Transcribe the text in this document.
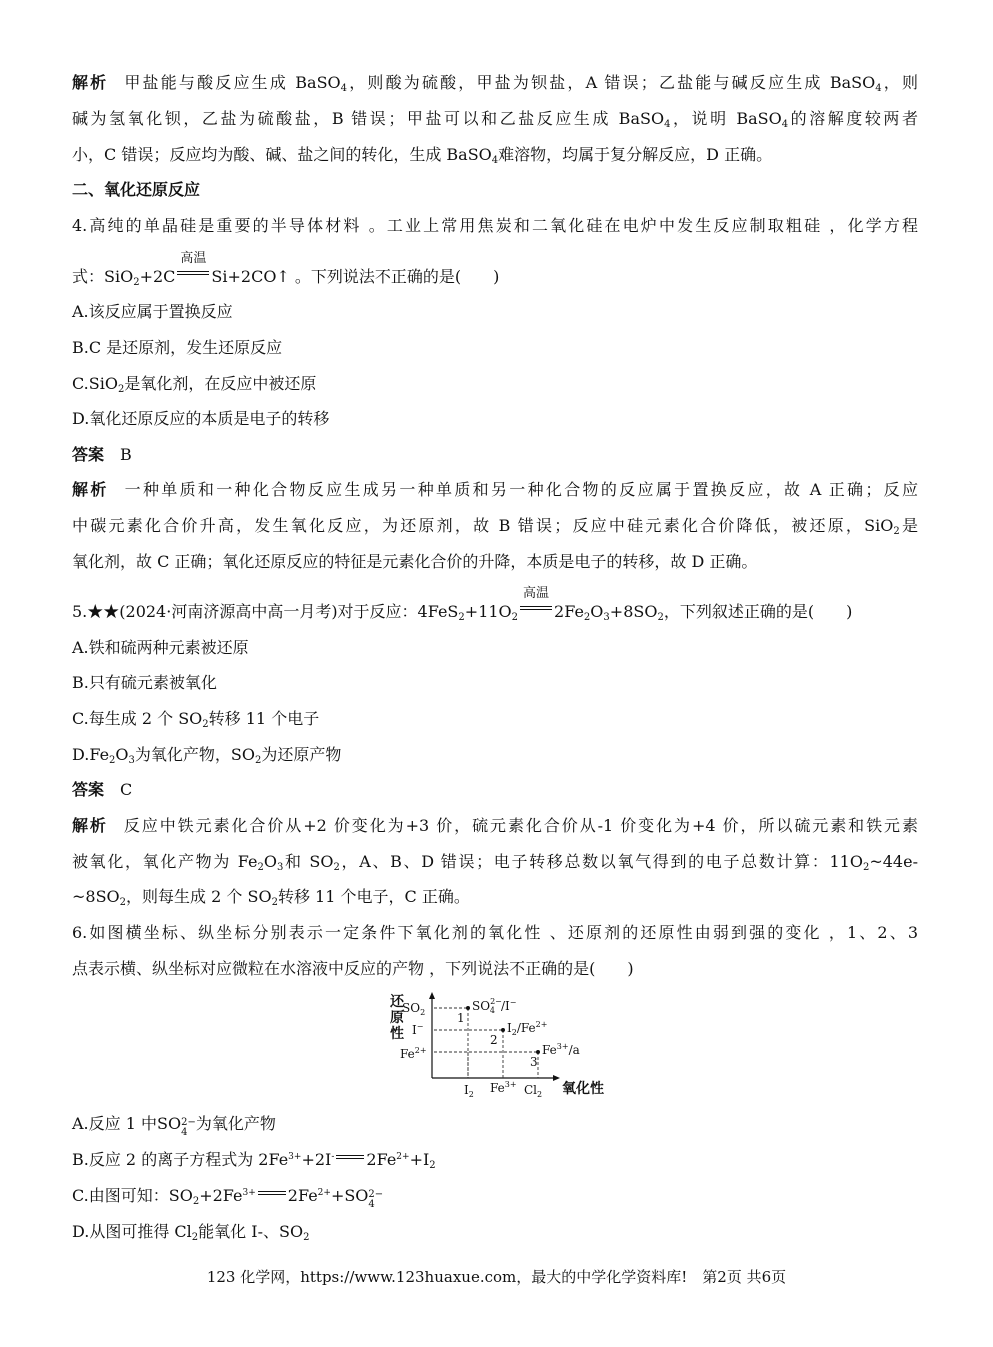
解析 甲盐能与酸反应生成 BaSO$_4$，则酸为硫酸，甲盐为钡盐，A 错误；乙盐能与碱反应生成 BaSO$_4$，则
碱为氢氧化钡，乙盐为硫酸盐，B 错误；甲盐可以和乙盐反应生成 BaSO$_4$，说明 BaSO$_4$的溶解度较两者
小，C 错误；反应均为酸、碱、盐之间的转化，生成 BaSO$_4$难溶物，均属于复分解反应，D 正确。
二、氧化还原反应
4.高纯的单晶硅是重要的半导体材料 。工业上常用焦炭和二氧化硅在电炉中发生反应制取粗硅 ，化学方程
式：SiO$_2$+2C
高温
Si+2CO↑ 。下列说法不正确的是(　　)
A.该反应属于置换反应
B.C 是还原剂，发生还原反应
C.SiO$_2$是氧化剂，在反应中被还原
D.氧化还原反应的本质是电子的转移
答案 B
解析 一种单质和一种化合物反应生成另一种单质和另一种化合物的反应属于置换反应，故 A 正确；反应
中碳元素化合价升高，发生氧化反应，为还原剂，故 B 错误；反应中硅元素化合价降低，被还原，SiO$_2$是
氧化剂，故 C 正确；氧化还原反应的特征是元素化合价的升降，本质是电子的转移，故 D 正确。
5.★★(2024·河南济源高中高一月考)对于反应：$4FeS_2+11O_2$
高温
$2Fe_2O_3+8SO_2$，下列叙述正确的是(　　)
A.铁和硫两种元素被还原
B.只有硫元素被氧化
C.每生成 2 个 $SO_2$转移 11 个电子
$D.Fe_2O_3$为氧化产物，$SO_2$为还原产物
答案 C
解析 反应中铁元素化合价从+2 价变化为+3 价，硫元素化合价从-1 价变化为+4 价，所以硫元素和铁元素
被氧化，氧化产物为 $Fe_2O_3$和 $SO_2$，A、B、D 错误；电子转移总数以氧气得到的电子总数计算：$11O_2\sim 44e-$
$\sim 8SO_2$，则每生成 2 个 $SO_2$转移 11 个电子，C 正确。
6.如图横坐标、纵坐标分别表示一定条件下氧化剂的氧化性 、还原剂的还原性由弱到强的变化 ，1、2、3
点表示横、纵坐标对应微粒在水溶液中反应的产物 ，下列说法不正确的是(　　)
还 原 性
$SO_2$
I−
$Fe^{2+}$
$I_2$ $Fe^{3+}$ $Cl_2$ 氧化性
1
2
3
$SO^{2-}$ 4 /I−
$I_2/Fe^{2+}$
$Fe^{3+}/a$
A.反应 1 中SO 2−
4 为氧化产物
B.反应 2 的离子方程式为 $2Fe^{3+}+2I^-$ $2Fe^{2+}+I_2$
C.由图可知：$SO_2+2Fe^{3+}$ $2Fe^{2+}+SO$ 2−
4
D.从图可推得 $Cl_2$能氧化 I-、$SO_2$
123 化学网，https://www.123huaxue.com，最大的中学化学资料库!　第2页 共6页
